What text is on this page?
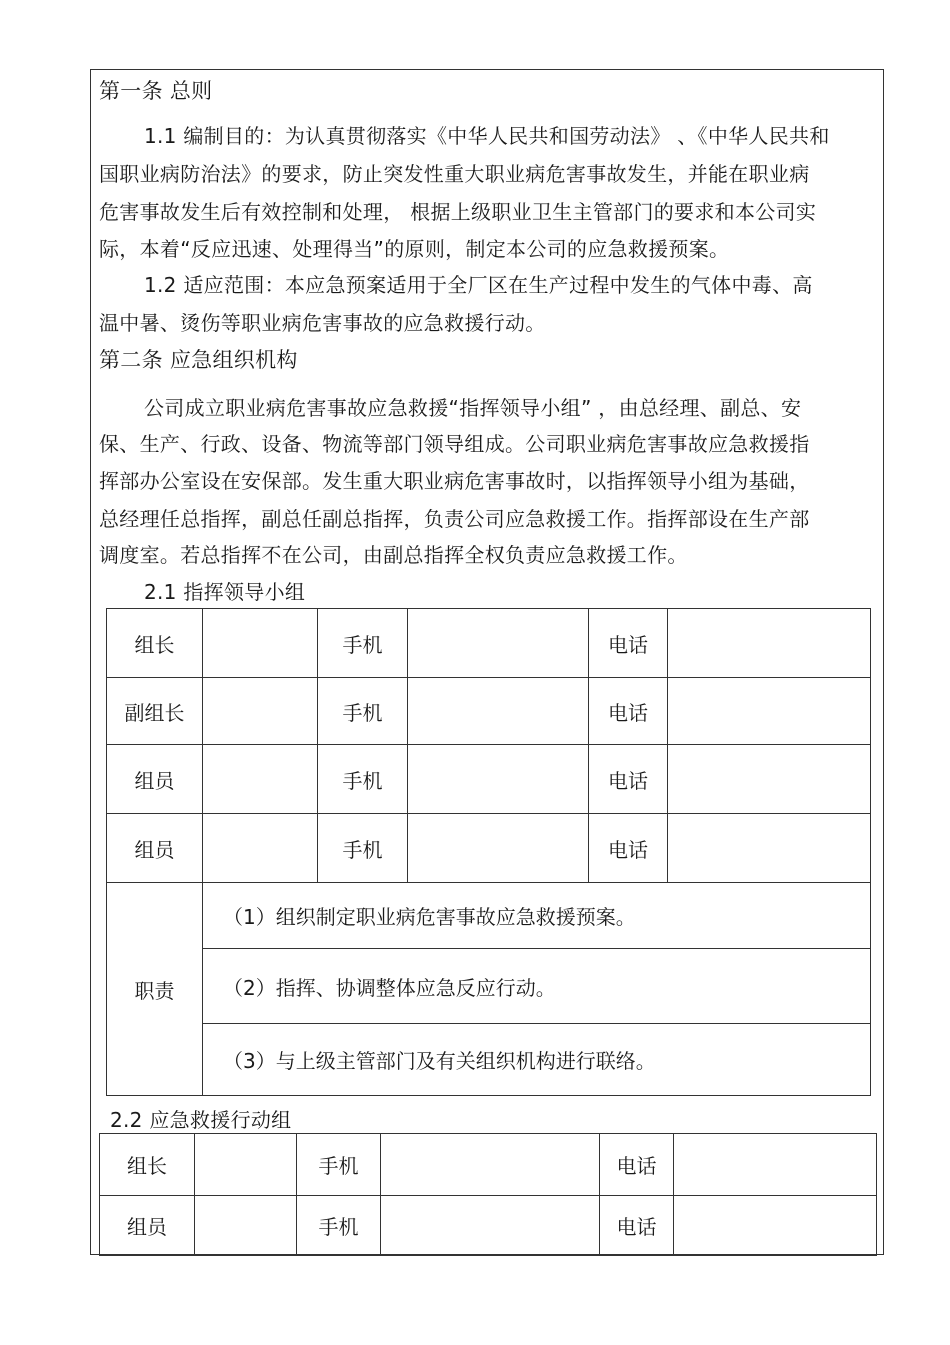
第一条 总则
1.1 编制目的：为认真贯彻落实《中华人民共和国劳动法》 、《中华人民共和
国职业病防治法》的要求，防止突发性重大职业病危害事故发生，并能在职业病
危害事故发生后有效控制和处理， 根据上级职业卫生主管部门的要求和本公司实
际，本着“反应迅速、处理得当”的原则，制定本公司的应急救援预案。
1.2 适应范围：本应急预案适用于全厂区在生产过程中发生的气体中毒、高
温中暑、烫伤等职业病危害事故的应急救援行动。
第二条 应急组织机构
公司成立职业病危害事故应急救援“指挥领导小组” ，由总经理、副总、安
保、生产、行政、设备、物流等部门领导组成。公司职业病危害事故应急救援指
挥部办公室设在安保部。发生重大职业病危害事故时，以指挥领导小组为基础，
总经理任总指挥，副总任副总指挥，负责公司应急救援工作。指挥部设在生产部
调度室。若总指挥不在公司，由副总指挥全权负责应急救援工作。
2.1 指挥领导小组
组长		手机		电话	
副组长		手机		电话	
组员		手机		电话	
组员		手机		电话	
职责	（1）组织制定职业病危害事故应急救援预案。				
	（2）指挥、协调整体应急反应行动。				
	（3）与上级主管部门及有关组织机构进行联络。				
2.2 应急救援行动组
组长		手机		电话	
组员		手机		电话	
